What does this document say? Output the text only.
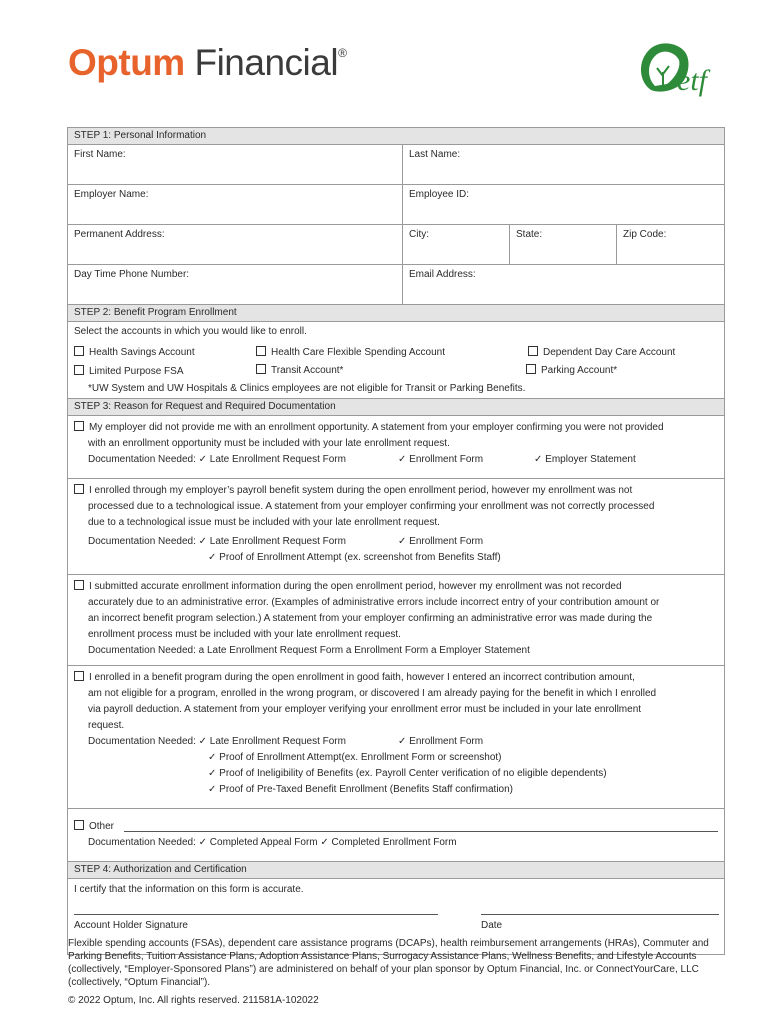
Optum Financial®
etf
STEP 1: Personal Information
First Name:	Last Name:
Employer Name:	Employee ID:
Permanent Address:	City:	State:	Zip Code:
Day Time Phone Number:	Email Address:
STEP 2: Benefit Program Enrollment
Select the accounts in which you would like to enroll.
Health Savings Account	Health Care Flexible Spending Account	Dependent Day Care Account
Limited Purpose FSA	Transit Account*	Parking Account*
*UW System and UW Hospitals & Clinics employees are not eligible for Transit or Parking Benefits.
STEP 3: Reason for Request and Required Documentation
My employer did not provide me with an enrollment opportunity. A statement from your employer confirming you were not provided
with an enrollment opportunity must be included with your late enrollment request.
Documentation Needed: ✓ Late Enrollment Request Form	✓ Enrollment Form	✓ Employer Statement
I enrolled through my employer’s payroll benefit system during the open enrollment period, however my enrollment was not
processed due to a technological issue. A statement from your employer confirming your enrollment was not correctly processed
due to a technological issue must be included with your late enrollment request.
Documentation Needed: ✓ Late Enrollment Request Form	✓ Enrollment Form
✓ Proof of Enrollment Attempt (ex. screenshot from Benefits Staff)
I submitted accurate enrollment information during the open enrollment period, however my enrollment was not recorded
accurately due to an administrative error. (Examples of administrative errors include incorrect entry of your contribution amount or
an incorrect benefit program selection.) A statement from your employer confirming an administrative error was made during the
enrollment process must be included with your late enrollment request.
Documentation Needed: a Late Enrollment Request Form a Enrollment Form a Employer Statement
I enrolled in a benefit program during the open enrollment in good faith, however I entered an incorrect contribution amount,
am not eligible for a program, enrolled in the wrong program, or discovered I am already paying for the benefit in which I enrolled
via payroll deduction. A statement from your employer verifying your enrollment error must be included in your late enrollment
request.
Documentation Needed: ✓ Late Enrollment Request Form	✓ Enrollment Form
✓ Proof of Enrollment Attempt(ex. Enrollment Form or screenshot)
✓ Proof of Ineligibility of Benefits (ex. Payroll Center verification of no eligible dependents)
✓ Proof of Pre-Taxed Benefit Enrollment (Benefits Staff confirmation)
Other
Documentation Needed: ✓ Completed Appeal Form ✓ Completed Enrollment Form
STEP 4: Authorization and Certification
I certify that the information on this form is accurate.
Account Holder Signature	Date
Flexible spending accounts (FSAs), dependent care assistance programs (DCAPs), health reimbursement arrangements (HRAs), Commuter and Parking Benefits, Tuition Assistance Plans, Adoption Assistance Plans, Surrogacy Assistance Plans, Wellness Benefits, and Lifestyle Accounts (collectively, “Employer-Sponsored Plans”) are administered on behalf of your plan sponsor by Optum Financial, Inc. or ConnectYourCare, LLC (collectively, “Optum Financial”).
© 2022 Optum, Inc. All rights reserved. 211581A-102022
